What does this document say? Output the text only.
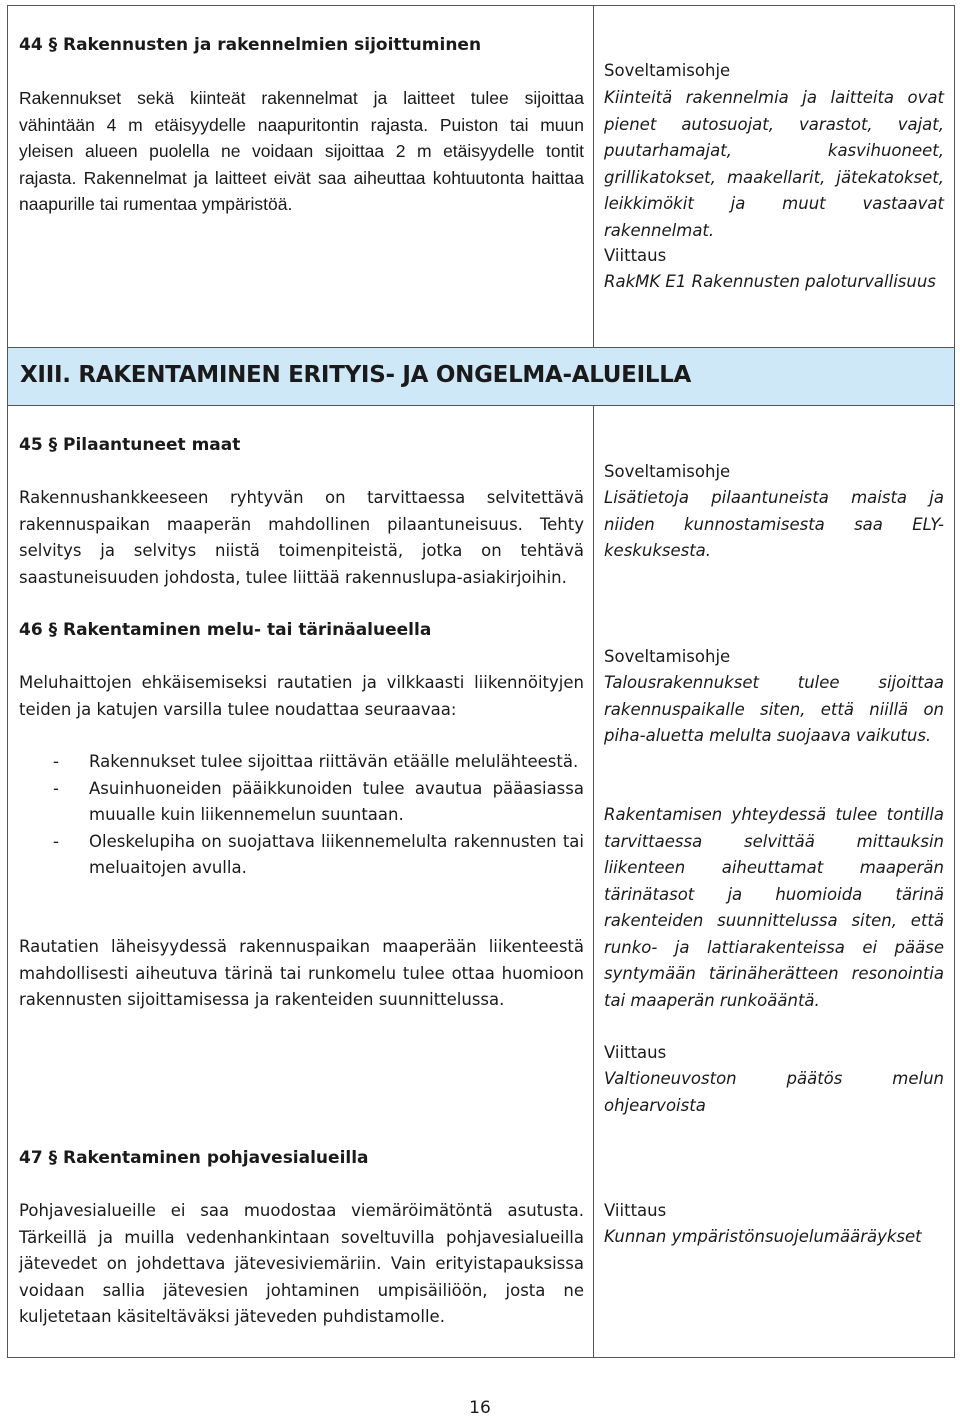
XIII. RAKENTAMINEN ERITYIS- JA ONGELMA-ALUEILLA

44 § Rakennusten ja rakennelmien sijoittuminen

Rakennukset sekä kiinteät rakennelmat ja laitteet tulee sijoittaa vähintään 4 m etäisyydelle naapuritontin rajasta. Puiston tai muun yleisen alueen puolella ne voidaan sijoittaa 2 m etäisyydelle tontit rajasta. Rakennelmat ja laitteet eivät saa aiheuttaa kohtuutonta haittaa naapurille tai rumentaa ympäristöä.

Soveltamisohje

Kiinteitä rakennelmia ja laitteita ovat pienet autosuojat, varastot, vajat, puutarhamajat, kasvihuoneet, grillikatokset, maakellarit, jätekatokset, leikkimökit ja muut vastaavat rakennelmat.

Viittaus

RakMK E1 Rakennusten paloturvallisuus

45 § Pilaantuneet maat

Rakennushankkeeseen ryhtyvän on tarvittaessa selvitettävä rakennuspaikan maaperän mahdollinen pilaantuneisuus. Tehty selvitys ja selvitys niistä toimenpiteistä, jotka on tehtävä saastuneisuuden johdosta, tulee liittää rakennuslupa-asiakirjoihin.

Soveltamisohje

Lisätietoja pilaantuneista maista ja niiden kunnostamisesta saa ELY-keskuksesta.

46 § Rakentaminen melu- tai tärinäalueella

Meluhaittojen ehkäisemiseksi rautatien ja vilkkaasti liikennöityjen teiden ja katujen varsilla tulee noudattaa seuraavaa:

- Rakennukset tulee sijoittaa riittävän etäälle melulähteestä.
- Asuinhuoneiden pääikkunoiden tulee avautua pääasiassa muualle kuin liikennemelun suuntaan.
- Oleskelupiha on suojattava liikennemelulta rakennusten tai meluaitojen avulla.

Rautatien läheisyydessä rakennuspaikan maaperään liikenteestä mahdollisesti aiheutuva tärinä tai runkomelu tulee ottaa huomioon rakennusten sijoittamisessa ja rakenteiden suunnittelussa.

Soveltamisohje

Talousrakennukset tulee sijoittaa rakennuspaikalle siten, että niillä on piha-aluetta melulta suojaava vaikutus.

Rakentamisen yhteydessä tulee tontilla tarvittaessa selvittää mittauksin liikenteen aiheuttamat maaperän tärinätasot ja huomioida tärinä rakenteiden suunnittelussa siten, että runko- ja lattiarakenteissa ei pääse syntymään tärinäherätteen resonointia tai maaperän runkoääntä.

Viittaus

Valtioneuvoston päätös melun ohjearvoista

47 § Rakentaminen pohjavesialueilla

Pohjavesialueille ei saa muodostaa viemäröimätöntä asutusta. Tärkeillä ja muilla vedenhankintaan soveltuvilla pohjavesialueilla jätevedet on johdettava jätevesiviemäriin. Vain erityistapauksissa voidaan sallia jätevesien johtaminen umpisäiliöön, josta ne kuljetetaan käsiteltäväksi jäteveden puhdistamolle.

Viittaus

Kunnan ympäristönsuojelumääräykset

16
